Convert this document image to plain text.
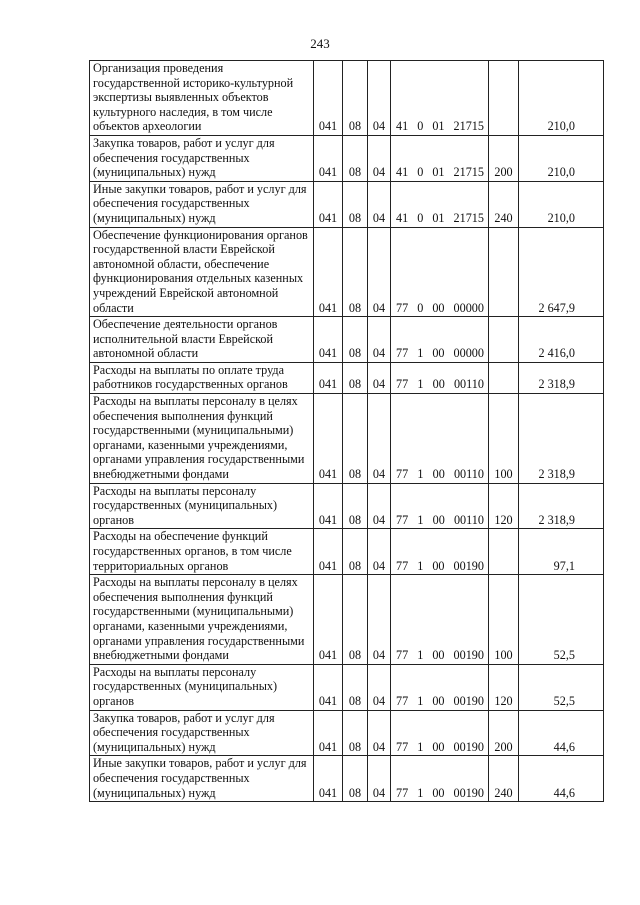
243
Организация проведения государственной историко-культурной экспертизы выявленных объектов культурного наследия, в том числе объектов археологии	041	08	04	41 0 01 21715		210,0
Закупка товаров, работ и услуг для обеспечения государственных (муниципальных) нужд	041	08	04	41 0 01 21715	200	210,0
Иные закупки товаров, работ и услуг для обеспечения государственных (муниципальных) нужд	041	08	04	41 0 01 21715	240	210,0
Обеспечение функционирования органов государственной власти Еврейской автономной области, обеспечение функционирования отдельных казенных учреждений Еврейской автономной области	041	08	04	77 0 00 00000		2 647,9
Обеспечение деятельности органов исполнительной власти Еврейской автономной области	041	08	04	77 1 00 00000		2 416,0
Расходы на выплаты по оплате труда работников государственных органов	041	08	04	77 1 00 00110		2 318,9
Расходы на выплаты персоналу в целях обеспечения выполнения функций государственными (муниципальными) органами, казенными учреждениями, органами управления государственными внебюджетными фондами	041	08	04	77 1 00 00110	100	2 318,9
Расходы на выплаты персоналу государственных (муниципальных) органов	041	08	04	77 1 00 00110	120	2 318,9
Расходы на обеспечение функций государственных органов, в том числе территориальных органов	041	08	04	77 1 00 00190		97,1
Расходы на выплаты персоналу в целях обеспечения выполнения функций государственными (муниципальными) органами, казенными учреждениями, органами управления государственными внебюджетными фондами	041	08	04	77 1 00 00190	100	52,5
Расходы на выплаты персоналу государственных (муниципальных) органов	041	08	04	77 1 00 00190	120	52,5
Закупка товаров, работ и услуг для обеспечения государственных (муниципальных) нужд	041	08	04	77 1 00 00190	200	44,6
Иные закупки товаров, работ и услуг для обеспечения государственных (муниципальных) нужд	041	08	04	77 1 00 00190	240	44,6
